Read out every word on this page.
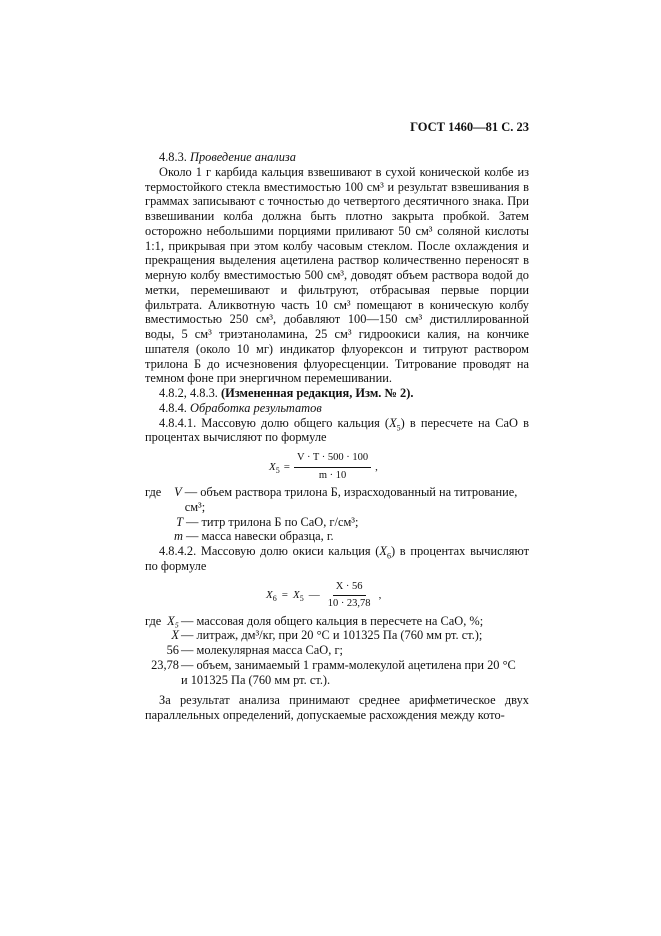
ГОСТ 1460—81 С. 23

4.8.3. Проведение анализа

Около 1 г карбида кальция взвешивают в сухой конической колбе из термостойкого стекла вместимостью 100 см³ и результат взвешивания в граммах записывают с точностью до четвертого десятичного знака. При взвешивании колба должна быть плотно закрыта пробкой. Затем осторожно небольшими порциями приливают 50 см³ соляной кислоты 1:1, прикрывая при этом колбу часовым стеклом. После охлаждения и прекращения выделения ацетилена раствор количественно переносят в мерную колбу вместимостью 500 см³, доводят объем раствора водой до метки, перемешивают и фильтруют, отбрасывая первые порции фильтрата. Аликвотную часть 10 см³ помещают в коническую колбу вместимостью 250 см³, добавляют 100—150 см³ дистиллированной воды, 5 см³ триэтаноламина, 25 см³ гидроокиси калия, на кончике шпателя (около 10 мг) индикатор флуорексон и титруют раствором трилона Б до исчезновения флуоресценции. Титрование проводят на темном фоне при энергичном перемешивании.

4.8.2, 4.8.3. (Измененная редакция, Изм. № 2).

4.8.4. Обработка результатов

4.8.4.1. Массовую долю общего кальция $(X_5)$ в пересчете на CaO в процентах вычисляют по формуле

$X_5 = \frac{V \cdot T \cdot 500 \cdot 100}{m \cdot 10}$ ,
где	V — объем раствора трилона Б, израсходованный на титрование, см³;
T — титр трилона Б по CaO, г/см³;
m — масса навески образца, г.

4.8.4.2. Массовую долю окиси кальция $(X_6)$ в процентах вычисляют по формуле

$X_6 = X_5$ — $\frac{X \cdot 56}{10 \cdot 23,78}$ ,
где X₅ — массовая доля общего кальция в пересчете на CaO, %;
X — литраж, дм³/кг, при 20 °С и 101325 Па (760 мм рт. ст.);
56 — молекулярная масса CaO, г;
23,78 — объем, занимаемый 1 грамм-молекулой ацетилена при 20 °С и 101325 Па (760 мм рт. ст.).

За результат анализа принимают среднее арифметическое двух параллельных определений, допускаемые расхождения между кото-
